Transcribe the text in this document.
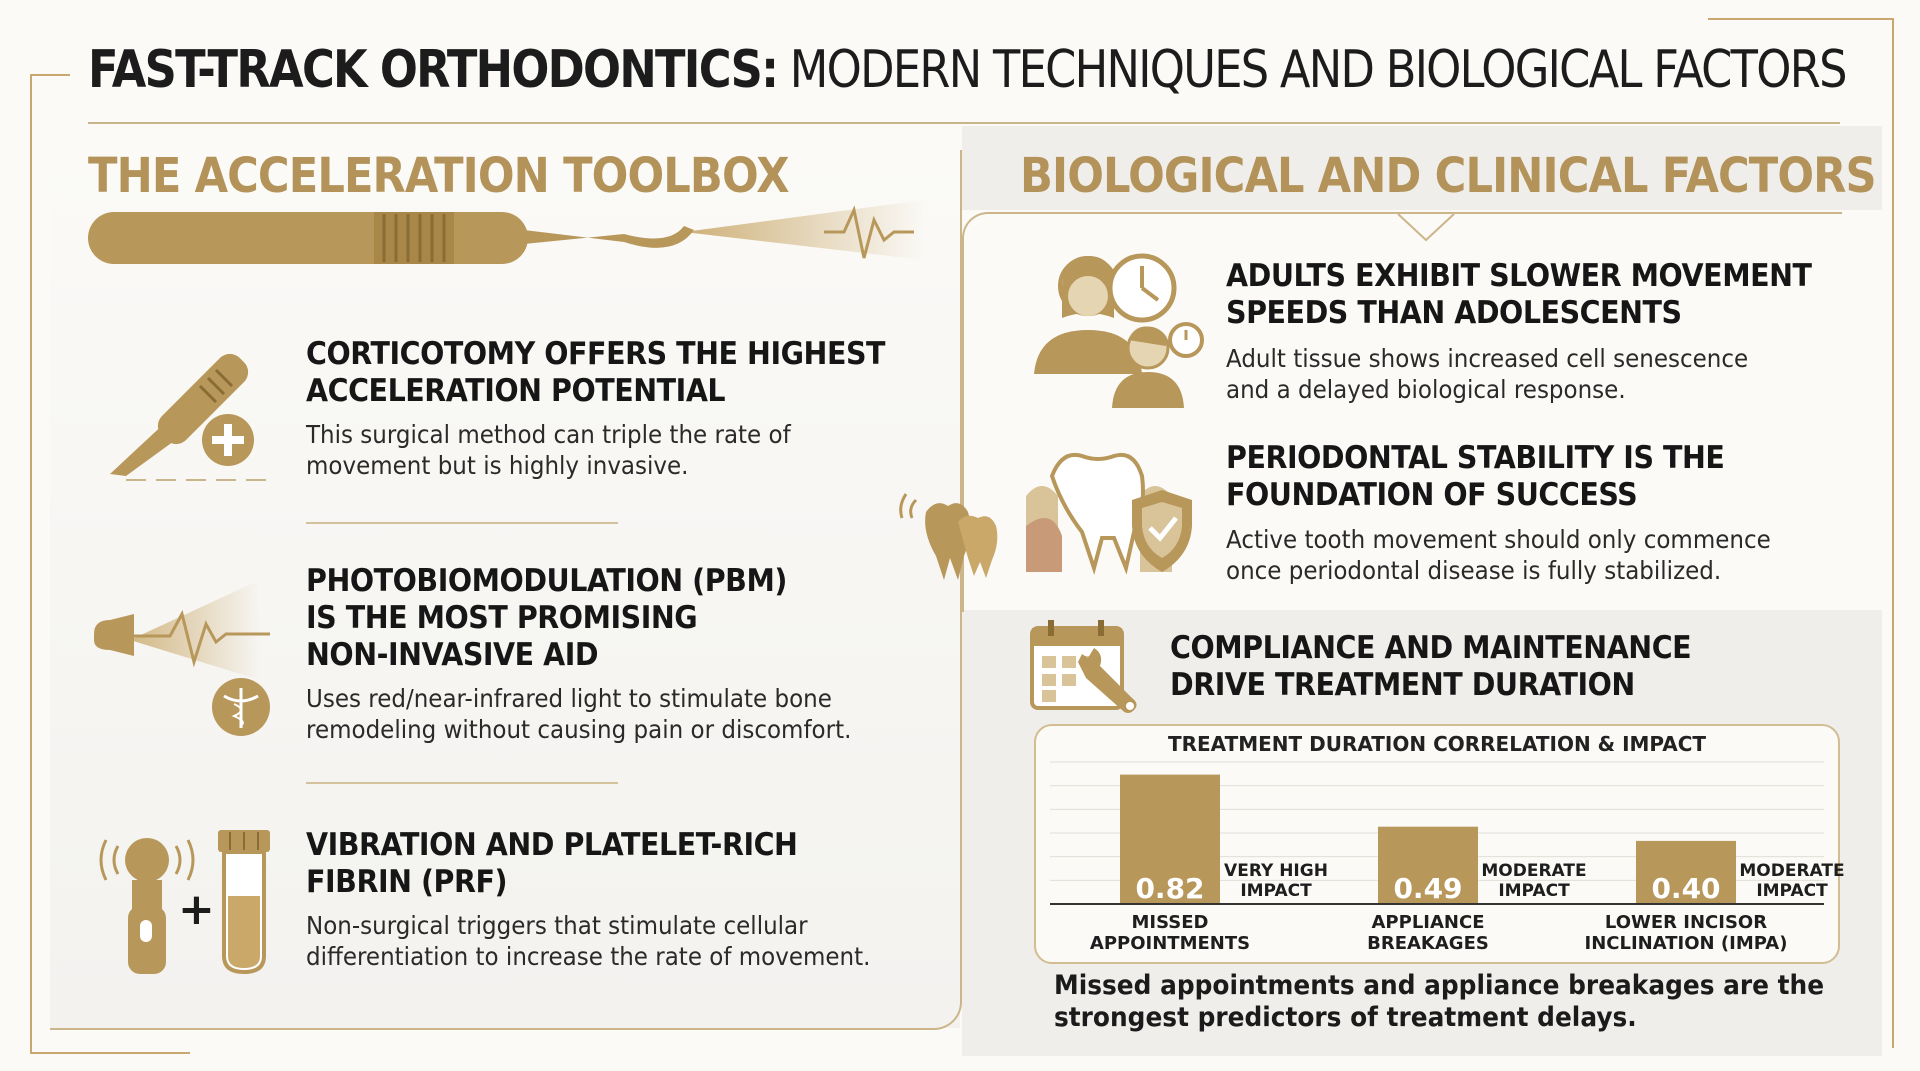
FAST-TRACK ORTHODONTICS: MODERN TECHNIQUES AND BIOLOGICAL FACTORS
THE ACCELERATION TOOLBOX	BIOLOGICAL AND CLINICAL FACTORS
CORTICOTOMY OFFERS THE HIGHEST
ACCELERATION POTENTIAL
This surgical method can triple the rate of
movement but is highly invasive.
PHOTOBIOMODULATION (PBM)
IS THE MOST PROMISING
NON-INVASIVE AID
Uses red/near-infrared light to stimulate bone
remodeling without causing pain or discomfort.
+
VIBRATION AND PLATELET-RICH
FIBRIN (PRF)
Non-surgical triggers that stimulate cellular
differentiation to increase the rate of movement.
ADULTS EXHIBIT SLOWER MOVEMENT
SPEEDS THAN ADOLESCENTS
Adult tissue shows increased cell senescence
and a delayed biological response.
PERIODONTAL STABILITY IS THE
FOUNDATION OF SUCCESS
Active tooth movement should only commence
once periodontal disease is fully stabilized.
COMPLIANCE AND MAINTENANCE
DRIVE TREATMENT DURATION
TREATMENT DURATION CORRELATION & IMPACT
0.82
VERY HIGH
IMPACT
MISSED
APPOINTMENTS
0.49
MODERATE
IMPACT
APPLIANCE
BREAKAGES
0.40
MODERATE
IMPACT
LOWER INCISOR
INCLINATION (IMPA)
Missed appointments and appliance breakages are the
strongest predictors of treatment delays.
